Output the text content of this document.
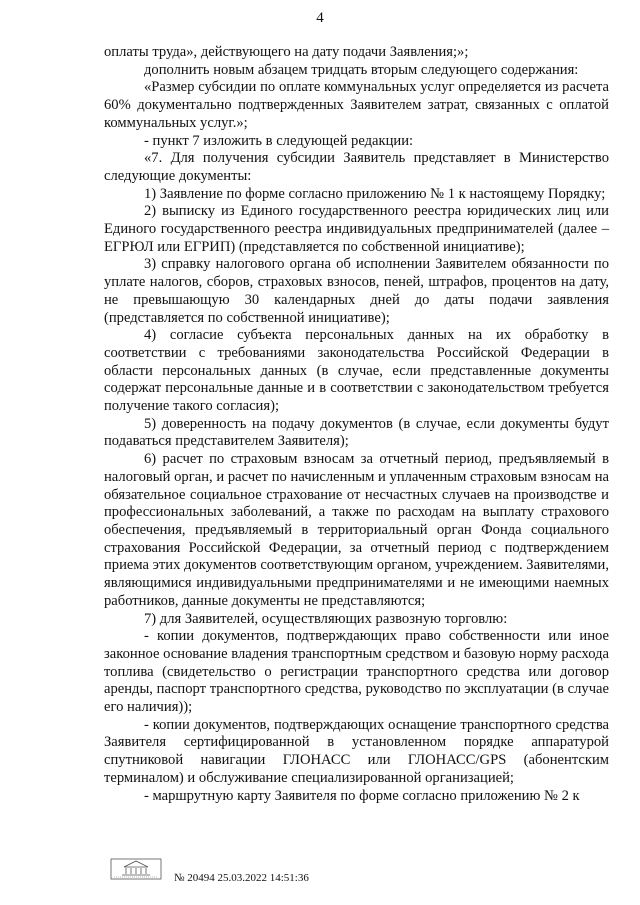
4

оплаты труда», действующего на дату подачи Заявления;»;

дополнить новым абзацем тридцать вторым следующего содержания:

«Размер субсидии по оплате коммунальных услуг определяется из расчета 60% документально подтвержденных Заявителем затрат, связанных с оплатой коммунальных услуг.»;

- пункт 7 изложить в следующей редакции:

«7. Для получения субсидии Заявитель представляет в Министерство следующие документы:

1) Заявление по форме согласно приложению № 1 к настоящему Порядку;

2) выписку из Единого государственного реестра юридических лиц или Единого государственного реестра индивидуальных предпринимателей (далее – ЕГРЮЛ или ЕГРИП) (представляется по собственной инициативе);

3) справку налогового органа об исполнении Заявителем обязанности по уплате налогов, сборов, страховых взносов, пеней, штрафов, процентов на дату, не превышающую 30 календарных дней до даты подачи заявления (представляется по собственной инициативе);

4) согласие субъекта персональных данных на их обработку в соответствии с требованиями законодательства Российской Федерации в области персональных данных (в случае, если представленные документы содержат персональные данные и в соответствии с законодательством требуется получение такого согласия);

5) доверенность на подачу документов (в случае, если документы будут подаваться представителем Заявителя);

6) расчет по страховым взносам за отчетный период, предъявляемый в налоговый орган, и расчет по начисленным и уплаченным страховым взносам на обязательное социальное страхование от несчастных случаев на производстве и профессиональных заболеваний, а также по расходам на выплату страхового обеспечения, предъявляемый в территориальный орган Фонда социального страхования Российской Федерации, за отчетный период с подтверждением приема этих документов соответствующим органом, учреждением. Заявителями, являющимися индивидуальными предпринимателями и не имеющими наемных работников, данные документы не представляются;

7) для Заявителей, осуществляющих развозную торговлю:

- копии документов, подтверждающих право собственности или иное законное основание владения транспортным средством и базовую норму расхода топлива (свидетельство о регистрации транспортного средства или договор аренды, паспорт транспортного средства, руководство по эксплуатации (в случае его наличия));

- копии документов, подтверждающих оснащение транспортного средства Заявителя сертифицированной в установленном порядке аппаратурой спутниковой навигации ГЛОНАСС или ГЛОНАСС/GPS (абонентским терминалом) и обслуживание специализированной организацией;

- маршрутную карту Заявителя по форме согласно приложению № 2 к

№ 20494 25.03.2022 14:51:36
